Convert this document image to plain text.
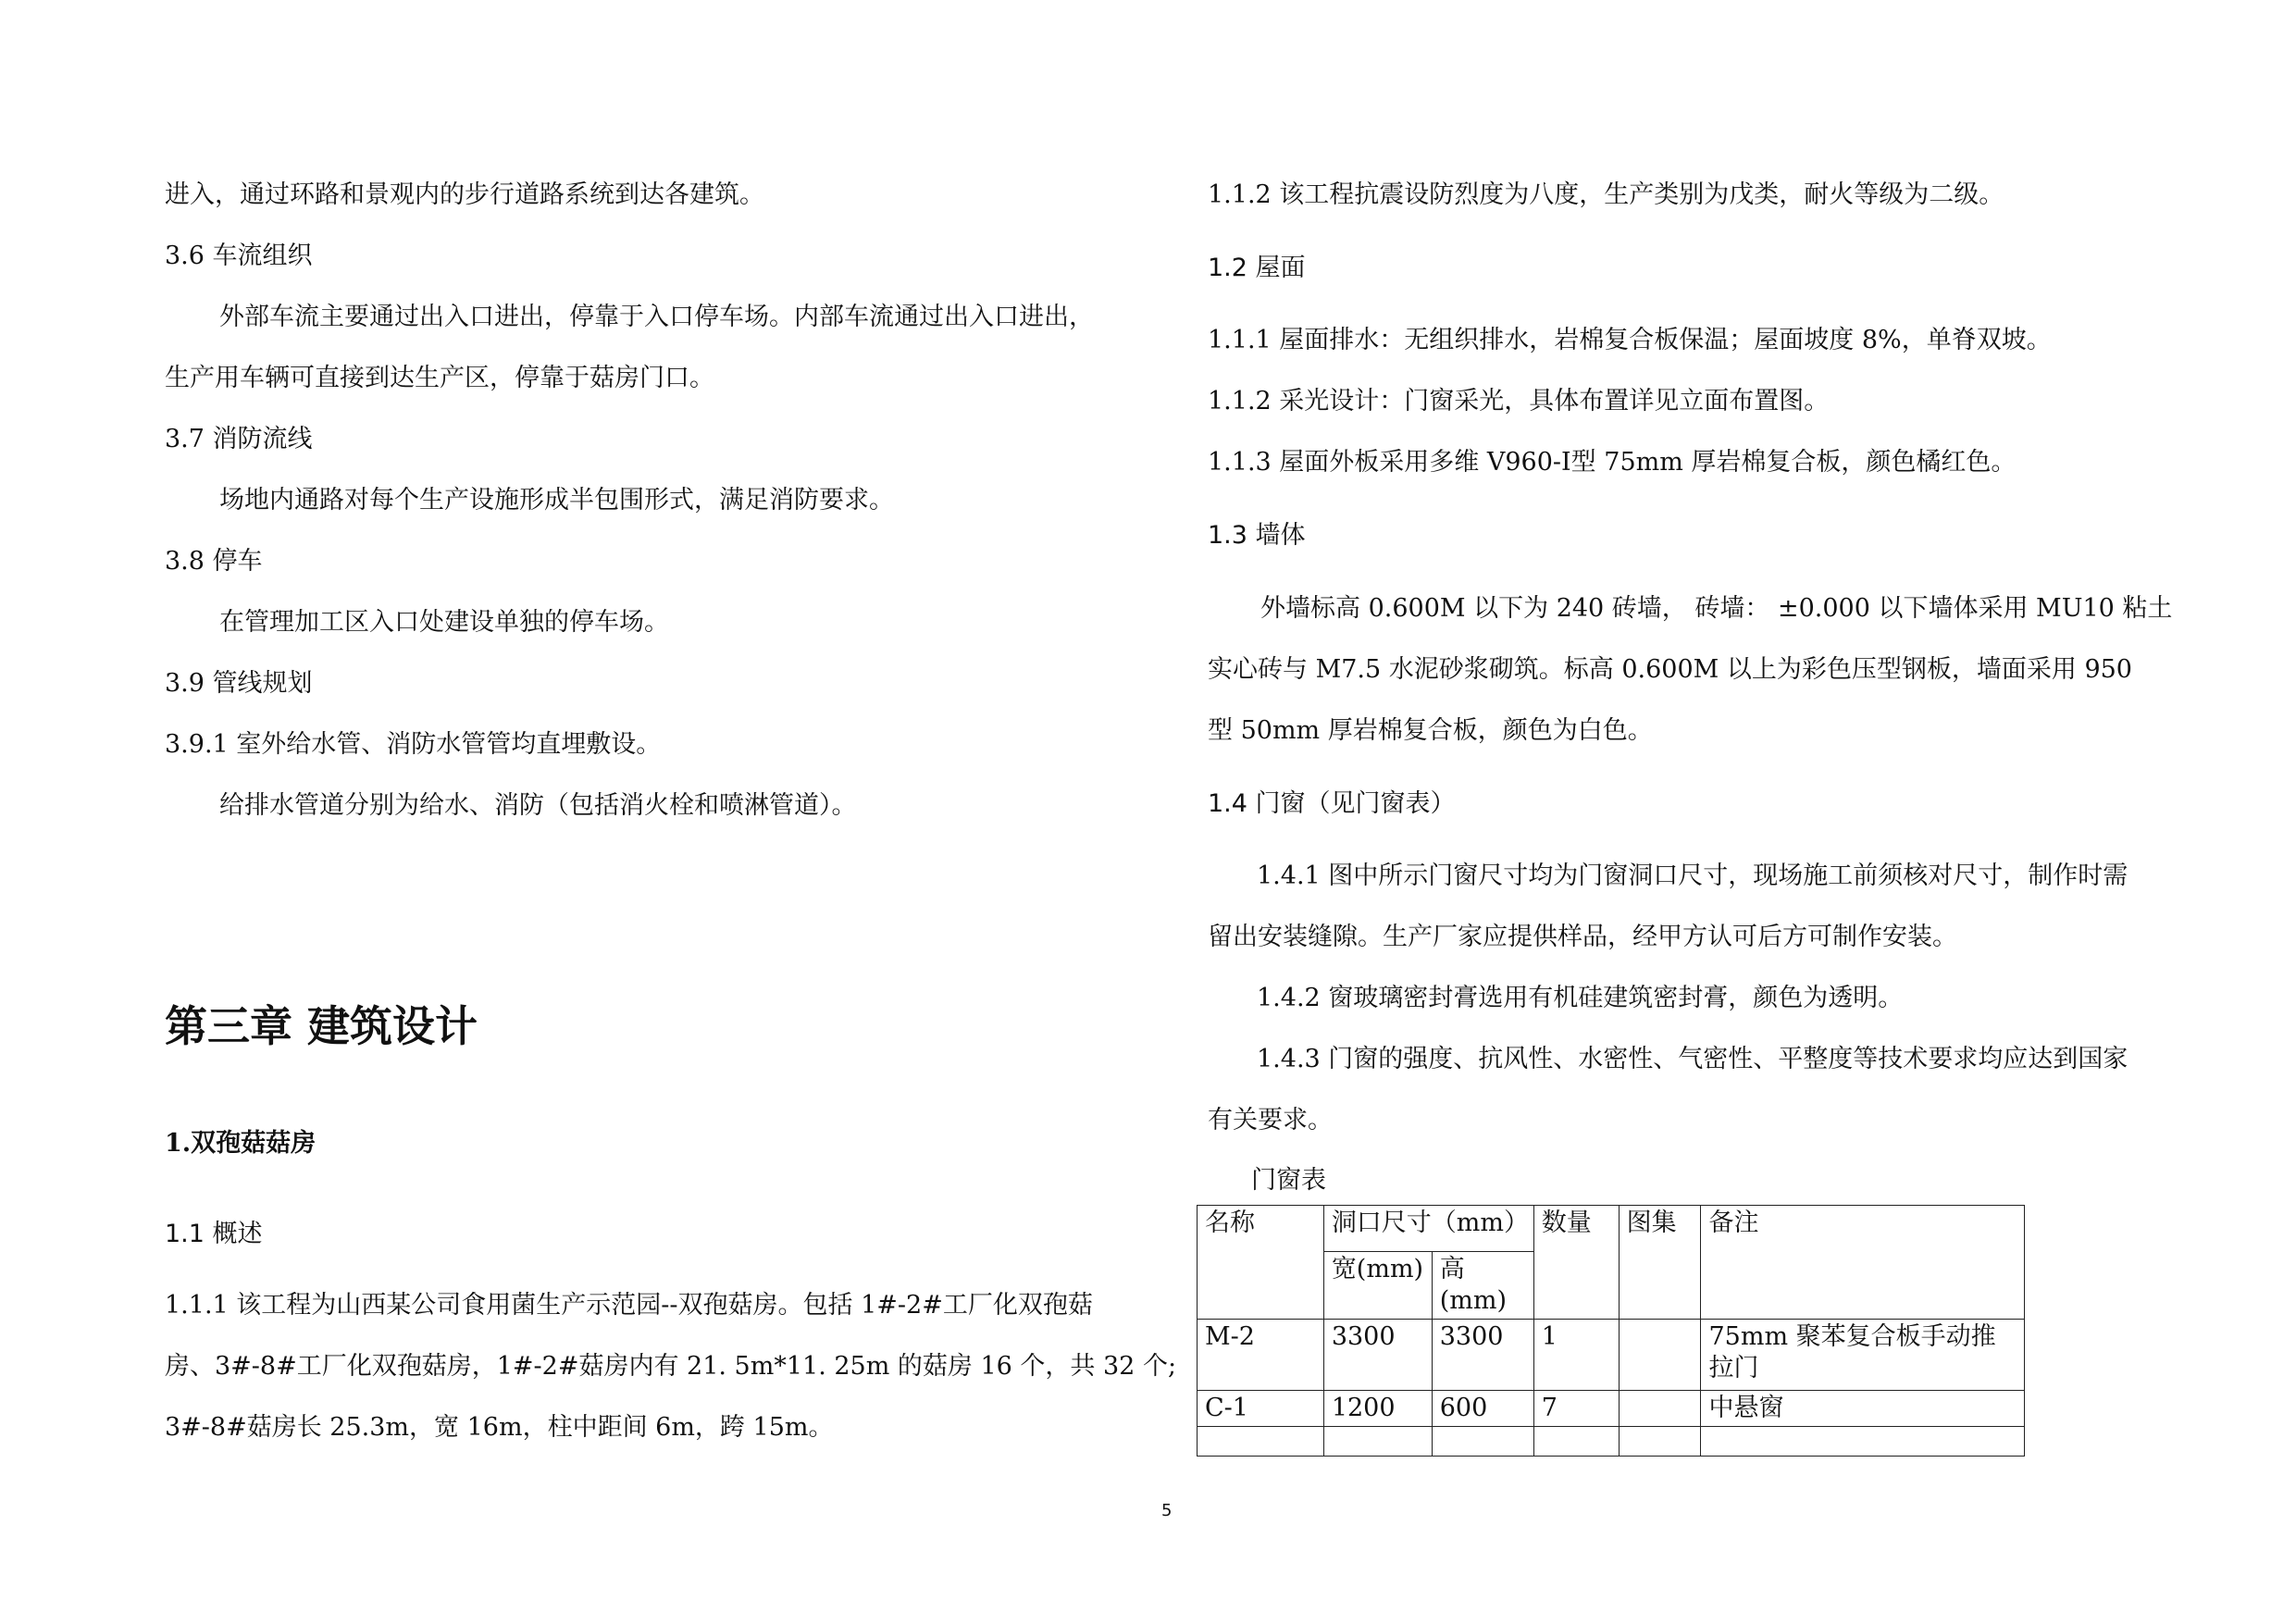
进入，通过环路和景观内的步行道路系统到达各建筑。
3.6 车流组织
外部车流主要通过出入口进出，停靠于入口停车场。内部车流通过出入口进出，
生产用车辆可直接到达生产区，停靠于菇房门口。
3.7 消防流线
场地内通路对每个生产设施形成半包围形式，满足消防要求。
3.8 停车
在管理加工区入口处建设单独的停车场。
3.9 管线规划
3.9.1 室外给水管、消防水管管均直埋敷设。
给排水管道分别为给水、消防（包括消火栓和喷淋管道）。
第三章 建筑设计
1.双孢菇菇房
1.1 概述
1.1.1 该工程为山西某公司食用菌生产示范园--双孢菇房。包括 1#-2#工厂化双孢菇
房、3#-8#工厂化双孢菇房，1#-2#菇房内有 21. 5m*11. 25m 的菇房 16 个，共 32 个;
3#-8#菇房长 25.3m，宽 16m，柱中距间 6m，跨 15m。
1.1.2 该工程抗震设防烈度为八度，生产类别为戊类，耐火等级为二级。
1.2 屋面
1.1.1 屋面排水：无组织排水，岩棉复合板保温；屋面坡度 8%，单脊双坡。
1.1.2 采光设计：门窗采光，具体布置详见立面布置图。
1.1.3 屋面外板采用多维 V960-Ⅰ型 75mm 厚岩棉复合板，颜色橘红色。
1.3 墙体
外墙标高 0.600M 以下为 240 砖墙， 砖墙： ±0.000 以下墙体采用 MU10 粘土
实心砖与 M7.5 水泥砂浆砌筑。标高 0.600M 以上为彩色压型钢板，墙面采用 950
型 50mm 厚岩棉复合板，颜色为白色。
1.4 门窗（见门窗表）
1.4.1 图中所示门窗尺寸均为门窗洞口尺寸，现场施工前须核对尺寸，制作时需
留出安装缝隙。生产厂家应提供样品，经甲方认可后方可制作安装。
1.4.2 窗玻璃密封膏选用有机硅建筑密封膏，颜色为透明。
1.4.3 门窗的强度、抗风性、水密性、气密性、平整度等技术要求均应达到国家
有关要求。
门窗表
名称	洞口尺寸（mm）		数量	图集	备注
	宽(mm)	高(mm)			
M-2	3300	3300	1		75mm 聚苯复合板手动推拉门
C-1	1200	600	7		中悬窗

5
